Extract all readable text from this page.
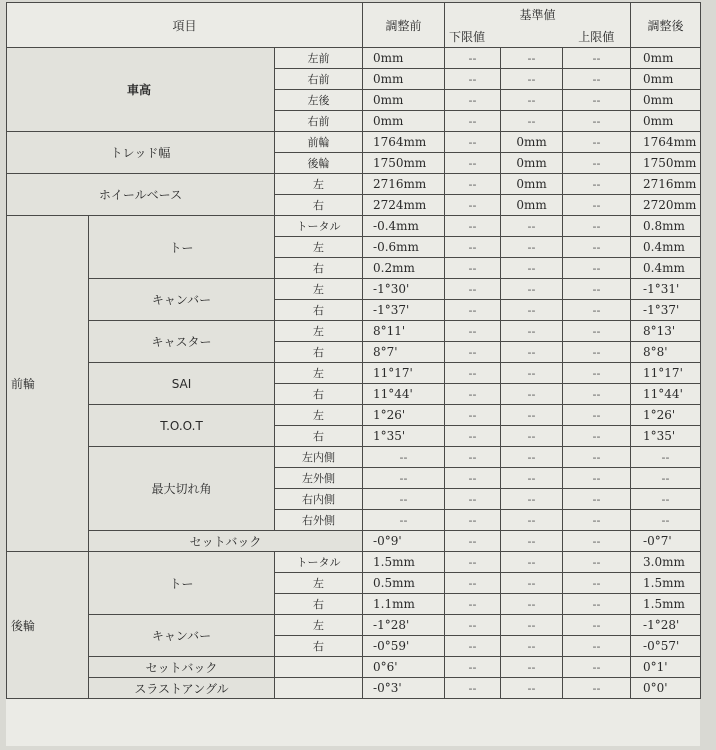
項目			調整前	基準値			調整後
				下限値		上限値	
車高		左前	0mm	--	--	--	0mm
		右前	0mm	--	--	--	0mm
		左後	0mm	--	--	--	0mm
		右前	0mm	--	--	--	0mm
トレッド幅		前輪	1764mm	--	0mm	--	1764mm
		後輪	1750mm	--	0mm	--	1750mm
ホイールベース		左	2716mm	--	0mm	--	2716mm
		右	2724mm	--	0mm	--	2720mm
前輪	トー	トータル	-0.4mm	--	--	--	0.8mm
		左	-0.6mm	--	--	--	0.4mm
		右	0.2mm	--	--	--	0.4mm
	キャンバー	左	-1°30'	--	--	--	-1°31'
		右	-1°37'	--	--	--	-1°37'
	キャスター	左	8°11'	--	--	--	8°13'
		右	8°7'	--	--	--	8°8'
	SAI	左	11°17'	--	--	--	11°17'
		右	11°44'	--	--	--	11°44'
	T.O.O.T	左	1°26'	--	--	--	1°26'
		右	1°35'	--	--	--	1°35'
	最大切れ角	左内側	--	--	--	--	--
		左外側	--	--	--	--	--
		右内側	--	--	--	--	--
		右外側	--	--	--	--	--
	セットバック		-0°9'	--	--	--	-0°7'
後輪	トー	トータル	1.5mm	--	--	--	3.0mm
		左	0.5mm	--	--	--	1.5mm
		右	1.1mm	--	--	--	1.5mm
	キャンバー	左	-1°28'	--	--	--	-1°28'
		右	-0°59'	--	--	--	-0°57'
	セットバック		0°6'	--	--	--	0°1'
	スラストアングル		-0°3'	--	--	--	0°0'
